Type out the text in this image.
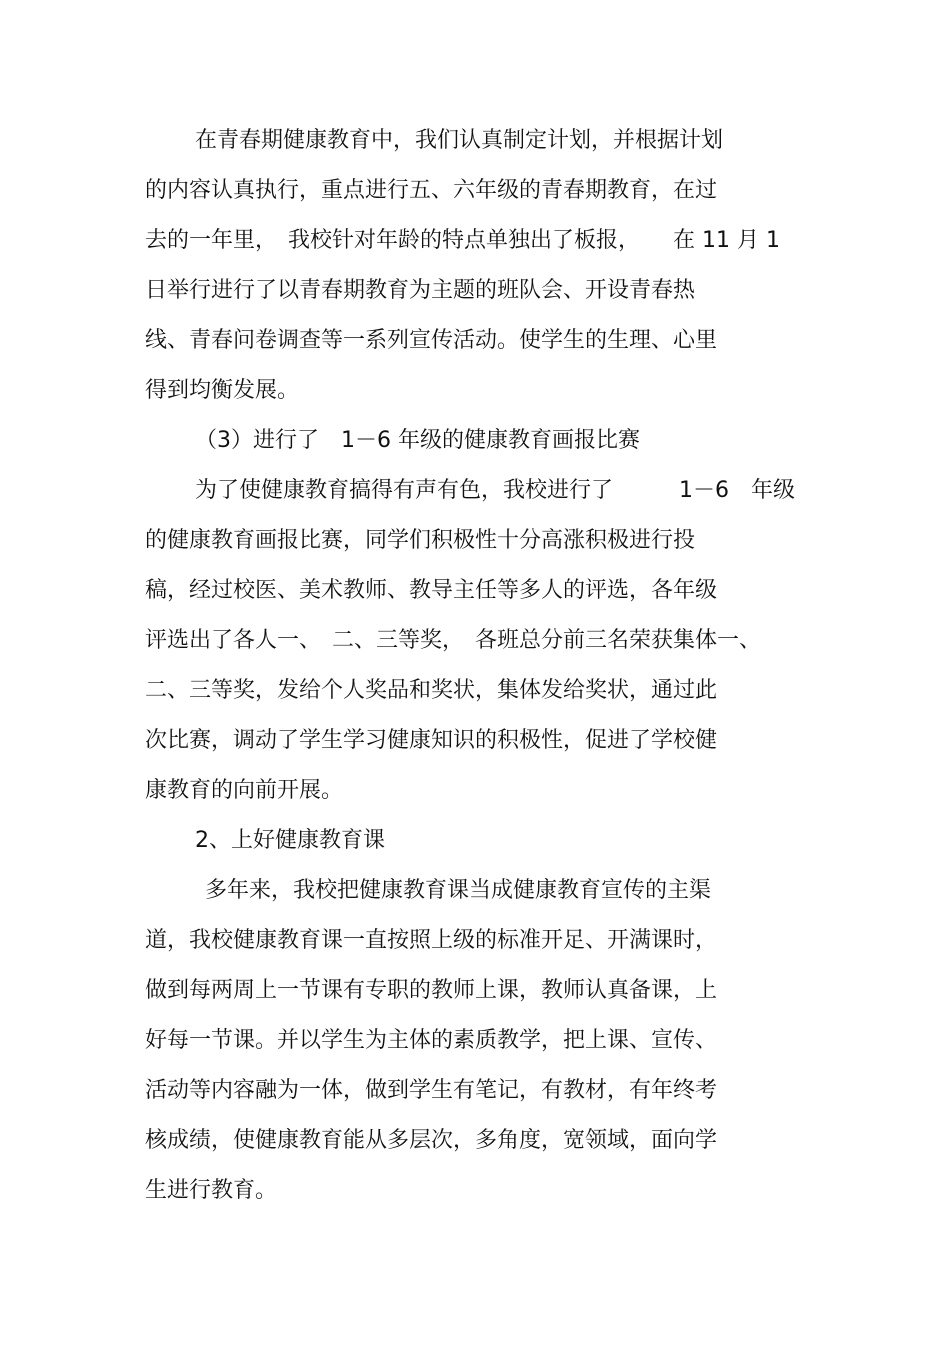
在青春期健康教育中，我们认真制定计划，并根据计划
的内容认真执行，重点进行五、六年级的青春期教育，在过
去的一年里，　我校针对年龄的特点单独出了板报，　　在 11 月 1
日举行进行了以青春期教育为主题的班队会、开设青春热
线、青春问卷调查等一系列宣传活动。使学生的生理、心里
得到均衡发展。
（3）进行了　1－6 年级的健康教育画报比赛
为了使健康教育搞得有声有色，我校进行了　　　1－6　年级
的健康教育画报比赛，同学们积极性十分高涨积极进行投
稿，经过校医、美术教师、教导主任等多人的评选，各年级
评选出了各人一、　二、三等奖，　各班总分前三名荣获集体一、
二、三等奖，发给个人奖品和奖状，集体发给奖状，通过此
次比赛，调动了学生学习健康知识的积极性，促进了学校健
康教育的向前开展。
2、上好健康教育课
多年来，我校把健康教育课当成健康教育宣传的主渠
道，我校健康教育课一直按照上级的标准开足、开满课时，
做到每两周上一节课有专职的教师上课，教师认真备课，上
好每一节课。并以学生为主体的素质教学，把上课、宣传、
活动等内容融为一体，做到学生有笔记，有教材，有年终考
核成绩，使健康教育能从多层次，多角度，宽领域，面向学
生进行教育。
